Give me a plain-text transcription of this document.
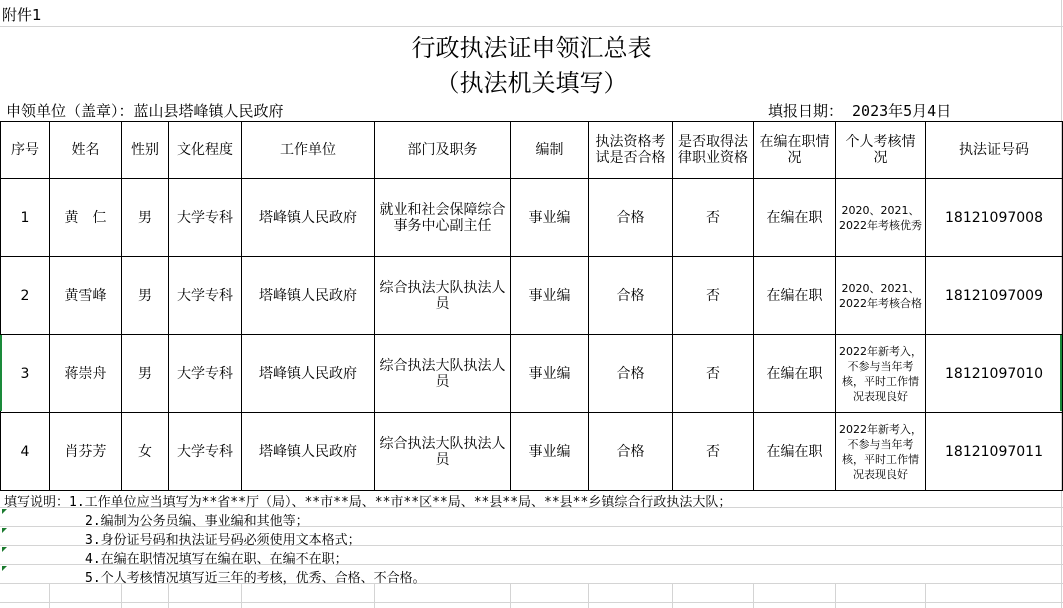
附件1
行政执法证申领汇总表
（执法机关填写）
申领单位（盖章）：蓝山县塔峰镇人民政府	填报日期： 2023年5月4日
序号	姓名	性别	文化程度	工作单位	部门及职务	编制	执法资格考试是否合格	是否取得法律职业资格	在编在职情况	个人考核情况	执法证号码
1	黄　仁	男	大学专科	塔峰镇人民政府	就业和社会保障综合事务中心副主任	事业编	合格	否	在编在职	2020、2021、2022年考核优秀	18121097008
2	黄雪峰	男	大学专科	塔峰镇人民政府	综合执法大队执法人员	事业编	合格	否	在编在职	2020、2021、2022年考核合格	18121097009
3	蒋崇舟	男	大学专科	塔峰镇人民政府	综合执法大队执法人员	事业编	合格	否	在编在职	2022年新考入，不参与当年考核，平时工作情况表现良好	18121097010
4	肖芬芳	女	大学专科	塔峰镇人民政府	综合执法大队执法人员	事业编	合格	否	在编在职	2022年新考入，不参与当年考核，平时工作情况表现良好	18121097011
填写说明：1.工作单位应当填写为**省**厅（局）、**市**局、**市**区**局、**县**局、**县**乡镇综合行政执法大队；
2.编制为公务员编、事业编和其他等；
3.身份证号码和执法证号码必须使用文本格式；
4.在编在职情况填写在编在职、在编不在职；
5.个人考核情况填写近三年的考核，优秀、合格、不合格。
